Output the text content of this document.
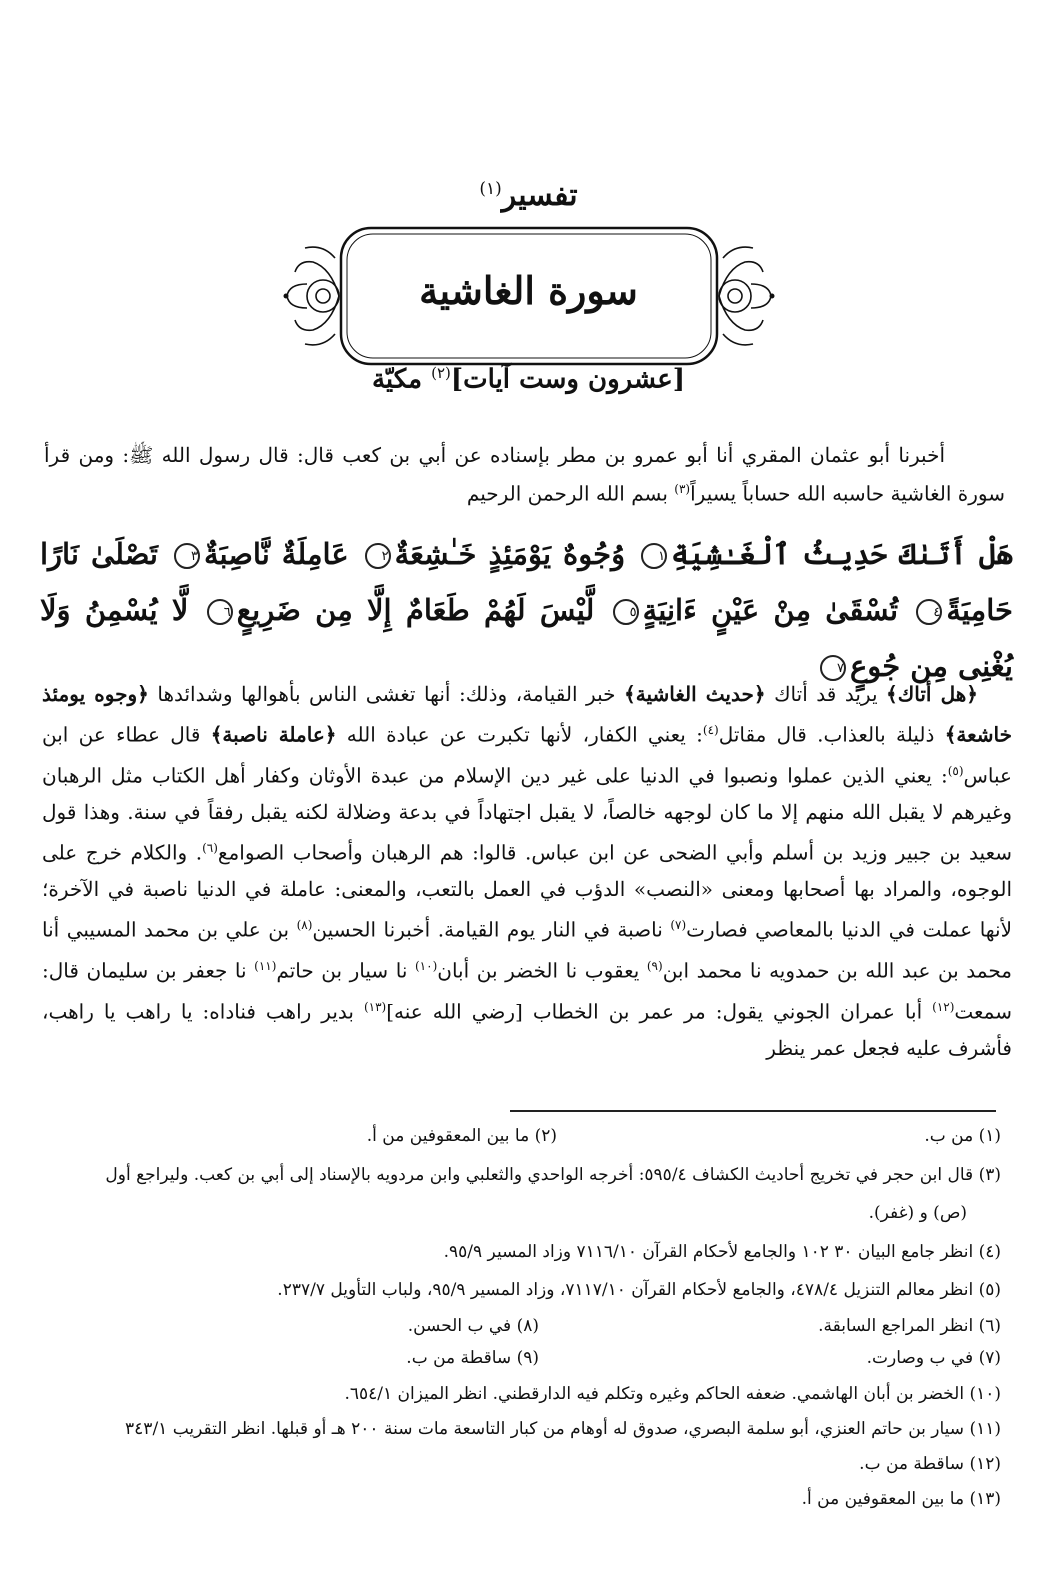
تفسير$^{(١)}$
سورة الغاشية
[عشرون وست آيات]$^{(٢)}$ مكيّة

أخبرنا أبو عثمان المقري أنا أبو عمرو بن مطر بإسناده عن أبي بن كعب قال: قال رسول الله ﷺ: ومن قرأ سورة الغاشية حاسبه الله حساباً يسيراً$^{(٣)}$ بسم الله الرحمن الرحيم

هَلْ أَتَىٰكَ حَدِيثُ ٱلْغَـٰشِيَةِ١ وُجُوهٌ يَوْمَئِذٍ خَـٰشِعَةٌ٢ عَامِلَةٌ نَّاصِبَةٌ٣ تَصْلَىٰ نَارًا حَامِيَةً٤ تُسْقَىٰ مِنْ عَيْنٍ ءَانِيَةٍ٥ لَّيْسَ لَهُمْ طَعَامٌ إِلَّا مِن ضَرِيعٍ٦ لَّا يُسْمِنُ وَلَا يُغْنِى مِن جُوعٍ٧

﴿هل أتاك﴾ يريد قد أتاك ﴿حديث الغاشية﴾ خبر القيامة، وذلك: أنها تغشى الناس بأهوالها وشدائدها ﴿وجوه يومئذ خاشعة﴾ ذليلة بالعذاب. قال مقاتل$^{(٤)}$: يعني الكفار، لأنها تكبرت عن عبادة الله ﴿عاملة ناصبة﴾ قال عطاء عن ابن عباس$^{(٥)}$: يعني الذين عملوا ونصبوا في الدنيا على غير دين الإسلام من عبدة الأوثان وكفار أهل الكتاب مثل الرهبان وغيرهم لا يقبل الله منهم إلا ما كان لوجهه خالصاً، لا يقبل اجتهاداً في بدعة وضلالة لكنه يقبل رفقاً في سنة. وهذا قول سعيد بن جبير وزيد بن أسلم وأبي الضحى عن ابن عباس. قالوا: هم الرهبان وأصحاب الصوامع$^{(٦)}$. والكلام خرج على الوجوه، والمراد بها أصحابها ومعنى «النصب» الدؤب في العمل بالتعب، والمعنى: عاملة في الدنيا ناصبة في الآخرة؛ لأنها عملت في الدنيا بالمعاصي فصارت$^{(٧)}$ ناصبة في النار يوم القيامة. أخبرنا الحسين$^{(٨)}$ بن علي بن محمد المسيبي أنا محمد بن عبد الله بن حمدويه نا محمد ابن$^{(٩)}$ يعقوب نا الخضر بن أبان$^{(١٠)}$ نا سيار بن حاتم$^{(١١)}$ نا جعفر بن سليمان قال: سمعت$^{(١٢)}$ أبا عمران الجوني يقول: مر عمر بن الخطاب [رضي الله عنه]$^{(١٣)}$ بدير راهب فناداه: يا راهب يا راهب، فأشرف عليه فجعل عمر ينظر

(١) من ب.
(٢) ما بين المعقوفين من أ.
(٣) قال ابن حجر في تخريج أحاديث الكشاف ٥٩٥/٤: أخرجه الواحدي والثعلبي وابن مردويه بالإسناد إلى أبي بن كعب. وليراجع أول
(ص) و (غفر).
(٤) انظر جامع البيان ٣٠ ١٠٢ والجامع لأحكام القرآن ٧١١٦/١٠ وزاد المسير ٩٥/٩.
(٥) انظر معالم التنزيل ٤٧٨/٤، والجامع لأحكام القرآن ٧١١٧/١٠، وزاد المسير ٩٥/٩، ولباب التأويل ٢٣٧/٧.
(٦) انظر المراجع السابقة.
(٨) في ب الحسن.
(٧) في ب وصارت.
(٩) ساقطة من ب.
(١٠) الخضر بن أبان الهاشمي. ضعفه الحاكم وغيره وتكلم فيه الدارقطني. انظر الميزان ٦٥٤/١.
(١١) سيار بن حاتم العنزي، أبو سلمة البصري، صدوق له أوهام من كبار التاسعة مات سنة ٢٠٠ هـ أو قبلها. انظر التقريب ٣٤٣/١
(١٢) ساقطة من ب.
(١٣) ما بين المعقوفين من أ.
